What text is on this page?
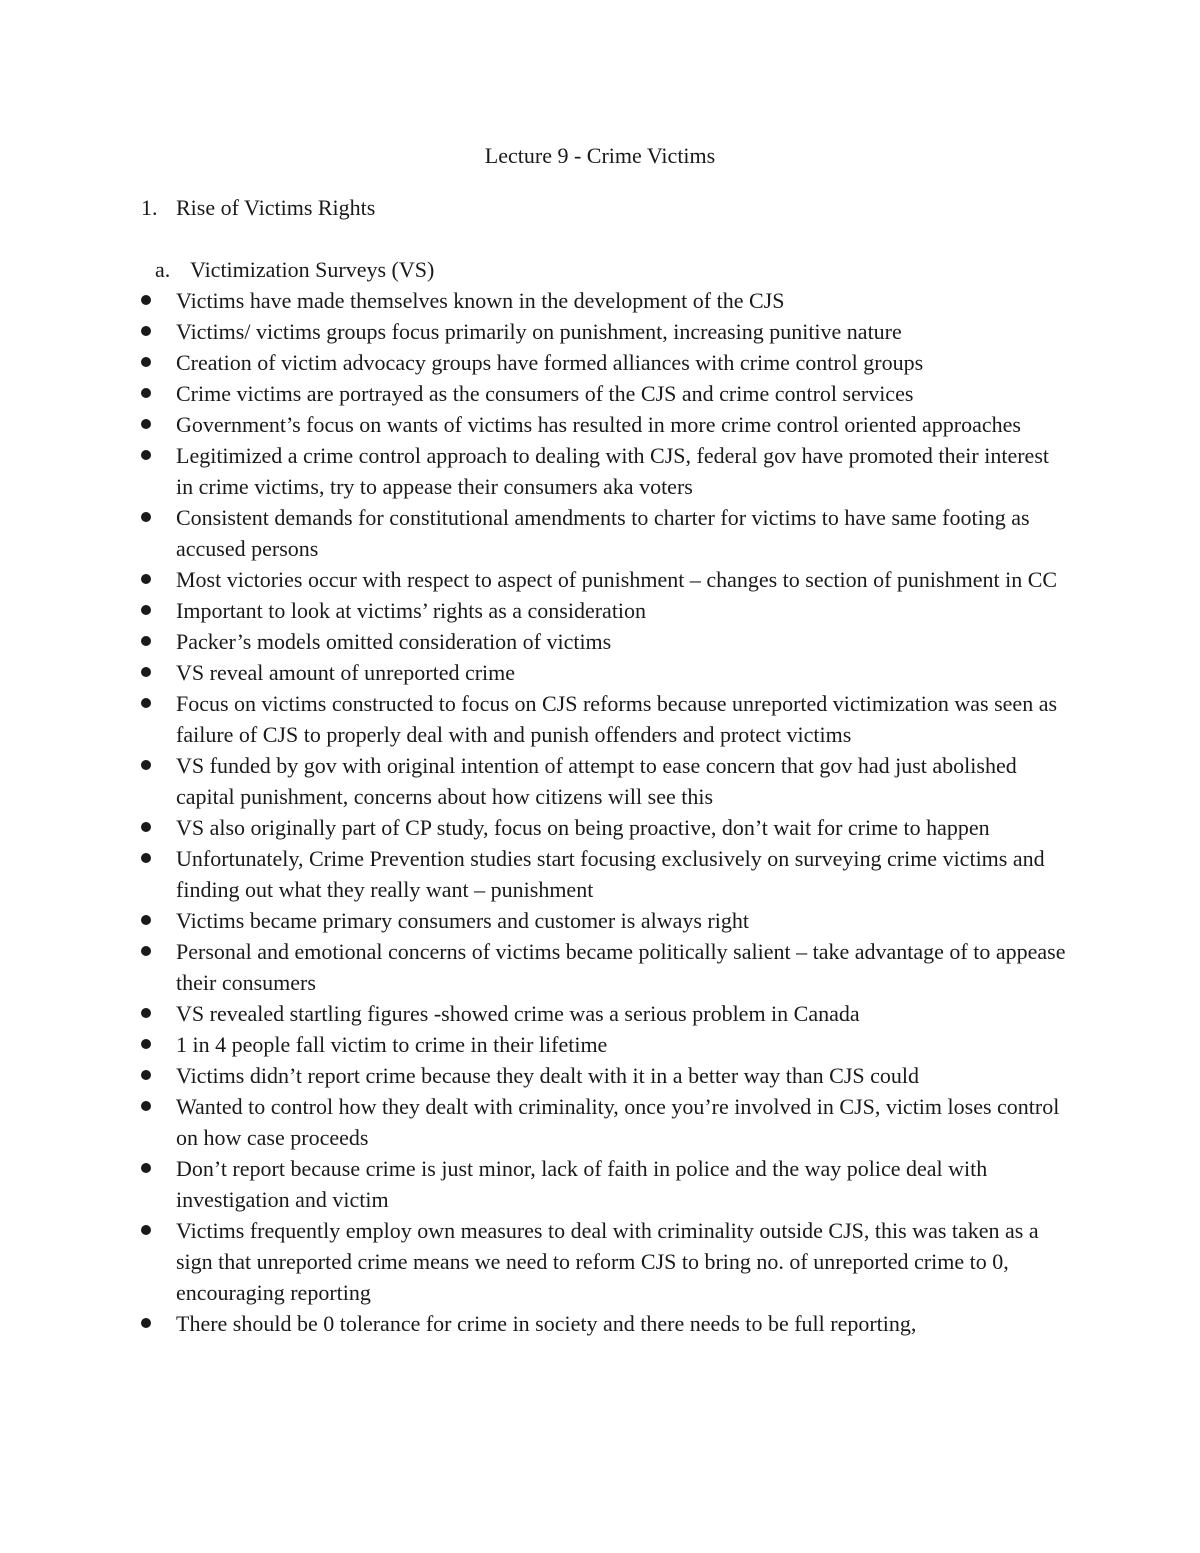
Lecture 9 - Crime Victims
1. Rise of Victims Rights
a. Victimization Surveys (VS)
Victims have made themselves known in the development of the CJS
Victims/ victims groups focus primarily on punishment, increasing punitive nature
Creation of victim advocacy groups have formed alliances with crime control groups
Crime victims are portrayed as the consumers of the CJS and crime control services
Government’s focus on wants of victims has resulted in more crime control oriented approaches
Legitimized a crime control approach to dealing with CJS, federal gov have promoted their interest in crime victims, try to appease their consumers aka voters
Consistent demands for constitutional amendments to charter for victims to have same footing as accused persons
Most victories occur with respect to aspect of punishment – changes to section of punishment in CC
Important to look at victims’ rights as a consideration
Packer’s models omitted consideration of victims
VS reveal amount of unreported crime
Focus on victims constructed to focus on CJS reforms because unreported victimization was seen as failure of CJS to properly deal with and punish offenders and protect victims
VS funded by gov with original intention of attempt to ease concern that gov had just abolished capital punishment, concerns about how citizens will see this
VS also originally part of CP study, focus on being proactive, don’t wait for crime to happen
Unfortunately, Crime Prevention studies start focusing exclusively on surveying crime victims and finding out what they really want – punishment
Victims became primary consumers and customer is always right
Personal and emotional concerns of victims became politically salient – take advantage of to appease their consumers
VS revealed startling figures -showed crime was a serious problem in Canada
1 in 4 people fall victim to crime in their lifetime
Victims didn’t report crime because they dealt with it in a better way than CJS could
Wanted to control how they dealt with criminality, once you’re involved in CJS, victim loses control on how case proceeds
Don’t report because crime is just minor, lack of faith in police and the way police deal with investigation and victim
Victims frequently employ own measures to deal with criminality outside CJS, this was taken as a sign that unreported crime means we need to reform CJS to bring no. of unreported crime to 0, encouraging reporting
There should be 0 tolerance for crime in society and there needs to be full reporting,
